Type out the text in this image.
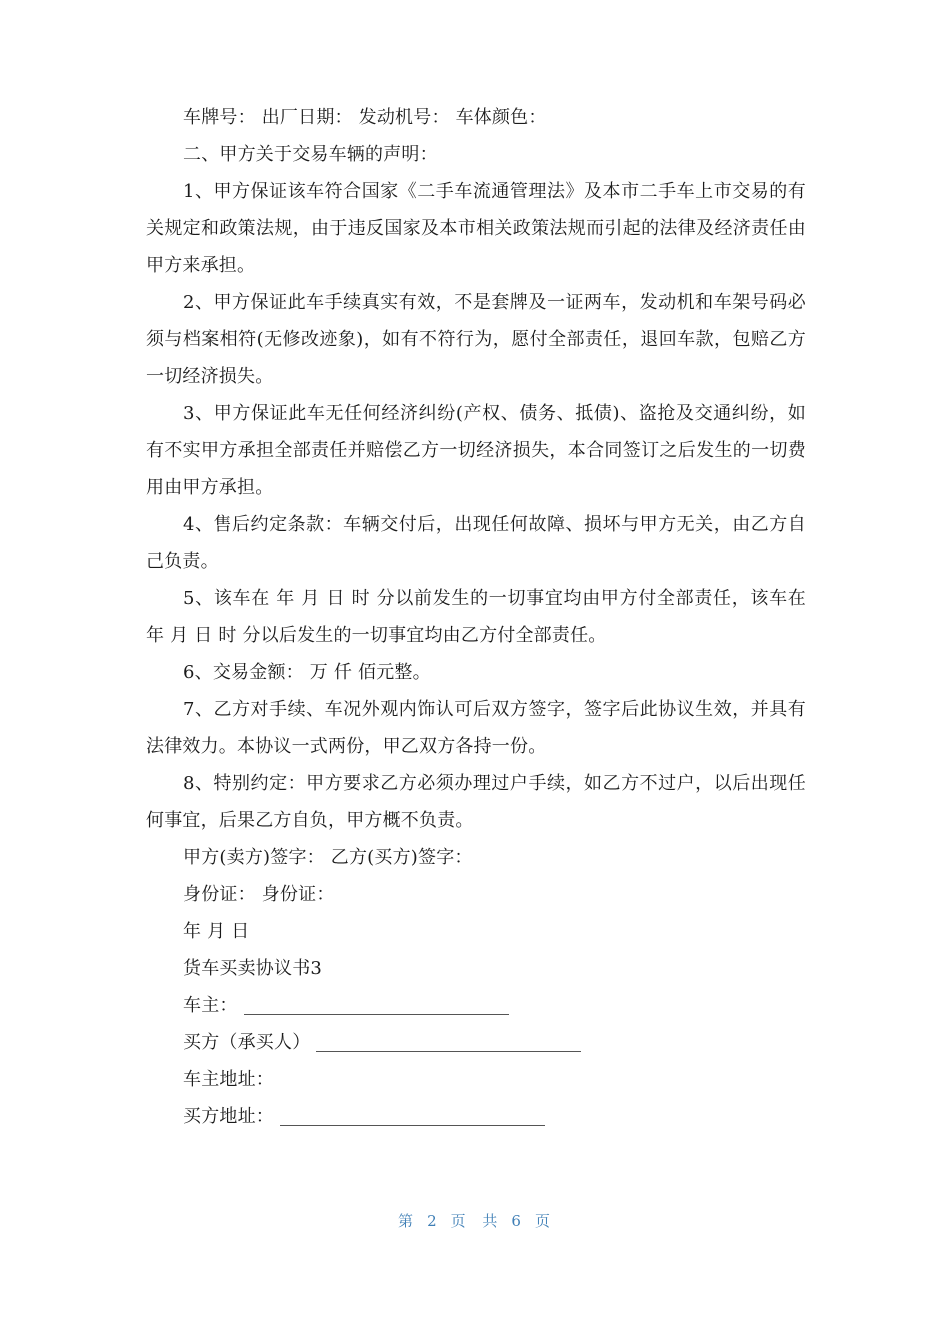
车牌号： 出厂日期： 发动机号： 车体颜色：

二、甲方关于交易车辆的声明：

1、甲方保证该车符合国家《二手车流通管理法》及本市二手车上市交易的有关规定和政策法规，由于违反国家及本市相关政策法规而引起的法律及经济责任由甲方来承担。

2、甲方保证此车手续真实有效，不是套牌及一证两车，发动机和车架号码必须与档案相符(无修改迹象)，如有不符行为，愿付全部责任，退回车款，包赔乙方一切经济损失。

3、甲方保证此车无任何经济纠纷(产权、债务、抵债)、盗抢及交通纠纷，如有不实甲方承担全部责任并赔偿乙方一切经济损失，本合同签订之后发生的一切费用由甲方承担。

4、售后约定条款：车辆交付后，出现任何故障、损坏与甲方无关，由乙方自己负责。

5、该车在 年 月 日 时 分以前发生的一切事宜均由甲方付全部责任，该车在 年 月 日 时 分以后发生的一切事宜均由乙方付全部责任。

6、交易金额： 万 仟 佰元整。

7、乙方对手续、车况外观内饰认可后双方签字，签字后此协议生效，并具有法律效力。本协议一式两份，甲乙双方各持一份。

8、特别约定：甲方要求乙方必须办理过户手续，如乙方不过户，以后出现任何事宜，后果乙方自负，甲方概不负责。

甲方(卖方)签字： 乙方(买方)签字：

身份证： 身份证：

年 月 日

货车买卖协议书3

车主：

买方（承买人）

车主地址：

买方地址：

第 2 页 共 6 页
